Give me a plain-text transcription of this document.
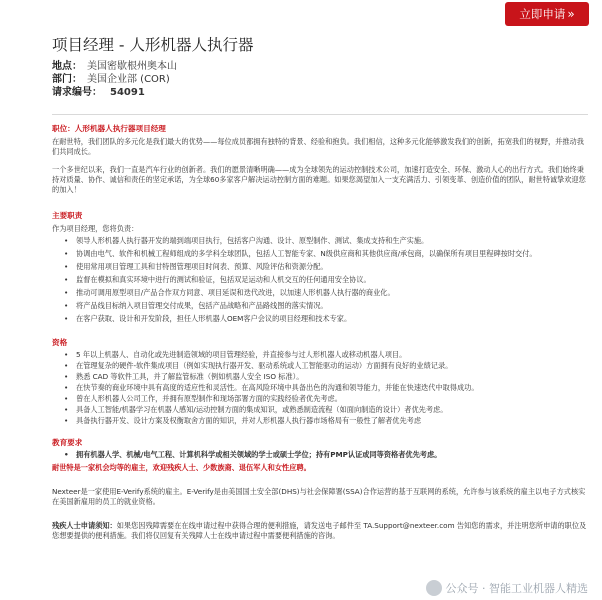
立即申请 »
项目经理 - 人形机器人执行器
地点： 美国密歇根州奥本山
部门： 美国企业部 (COR)
请求编号： 54091
职位：人形机器人执行器项目经理
在耐世特，我们团队的多元化是我们最大的优势——每位成员都拥有独特的背景、经验和抱负。我们相信，这种多元化能够激发我们的创新，拓宽我们的视野，并推动我们共同成长。
一个多世纪以来，我们一直是汽车行业的创新者。我们的愿景清晰明确——成为全球领先的运动控制技术公司，加速打造安全、环保、激动人心的出行方式。我们始终秉持对质量、协作、诚信和责任的坚定承诺，为全球60多家客户解决运动控制方面的难题。如果您渴望加入一支充满活力、引领变革、创造价值的团队，耐世特诚挚欢迎您的加入！
主要职责
作为项目经理，您将负责：
• 领导人形机器人执行器开发的端到端项目执行，包括客户沟通、设计、原型制作、测试、集成支持和生产实施。
• 协调由电气、软件和机械工程师组成的多学科全球团队，包括人工智能专家、N级供应商和其他供应商/承包商，以确保所有项目里程碑按时交付。
• 使用常用项目管理工具和甘特图管理项目时间表、预算、风险评估和资源分配。
• 监督在模拟和真实环境中进行的测试和验证，包括双足运动和人机交互的任何通用安全协议。
• 推动可调用原型项目/产品合作双方同意、项目延误和迭代改进，以加速人形机器人执行器的商业化。
• 将产品线目标纳入项目管理交付成果，包括产品战略和产品路线图的落实情况。
• 在客户获取、设计和开发阶段，担任人形机器人OEM客户会议的项目经理和技术专家。
资格
• 5 年以上机器人、自动化或先进制造领域的项目管理经验，并直接参与过人形机器人或移动机器人项目。
• 在管理复杂的硬件-软件集成项目（例如实现执行器开发、驱动系统或人工智能驱动的运动）方面拥有良好的业绩记录。
• 熟悉 CAD 等软件工具，并了解监管标准（例如机器人安全 ISO 标准）。
• 在快节奏的商业环境中具有高度的适应性和灵活性。在高风险环境中具备出色的沟通和领导能力，并能在快速迭代中取得成功。
• 曾在人形机器人公司工作，并拥有原型制作和现场部署方面的实践经验者优先考虑。
• 具备人工智能/机器学习在机器人感知/运动控制方面的集成知识，或熟悉制造流程（如面向制造的设计）者优先考虑。
• 具备执行器开发、设计方案及权衡取舍方面的知识，并对人形机器人执行器市场格局有一般性了解者优先考虑
教育要求
• 拥有机器人学、机械/电气工程、计算机科学或相关领域的学士或硕士学位；持有PMP认证或同等资格者优先考虑。
耐世特是一家机会均等的雇主，欢迎残疾人士、少数族裔、退伍军人和女性应聘。
Nexteer是一家使用E-Verify系统的雇主。E-Verify是由美国国土安全部(DHS)与社会保障署(SSA)合作运营的基于互联网的系统，允许参与该系统的雇主以电子方式核实在美国新雇用的员工的就业资格。
残疾人士申请须知：如果您因残障需要在在线申请过程中获得合理的便利措施，请发送电子邮件至 TA.Support@nexteer.com 告知您的需求，并注明您所申请的职位及您想要提供的便利措施。我们将仅回复有关残障人士在线申请过程中需要便利措施的咨询。
公众号 · 智能工业机器人精选
